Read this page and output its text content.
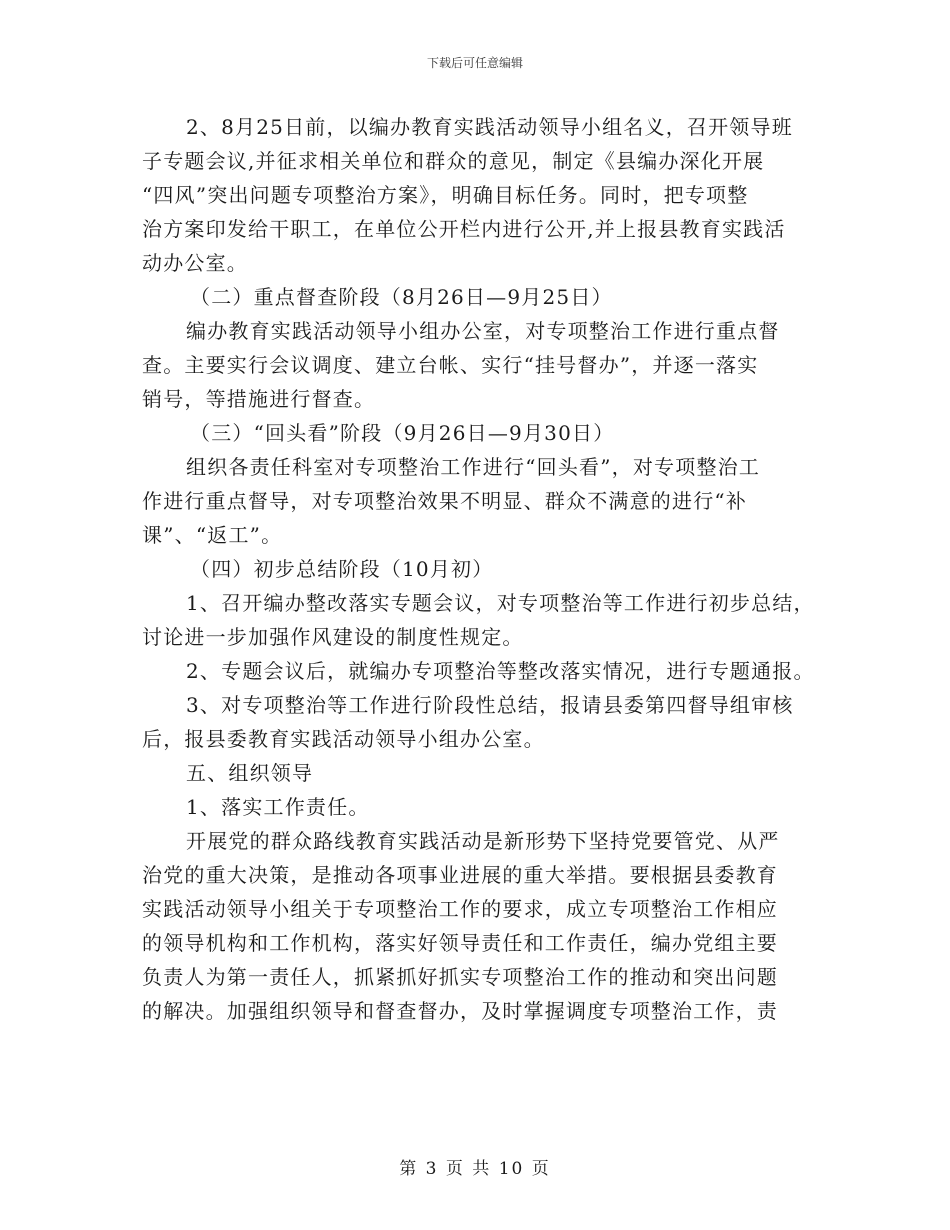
下载后可任意编辑
2、8月25日前，以编办教育实践活动领导小组名义，召开领导班
子专题会议,并征求相关单位和群众的意见，制定《县编办深化开展
“四风”突出问题专项整治方案》，明确目标任务。同时，把专项整
治方案印发给干职工，在单位公开栏内进行公开,并上报县教育实践活
动办公室。
（二）重点督查阶段（8月26日—9月25日）
编办教育实践活动领导小组办公室，对专项整治工作进行重点督
查。主要实行会议调度、建立台帐、实行“挂号督办”，并逐一落实
销号，等措施进行督查。
（三）“回头看”阶段（9月26日—9月30日）
组织各责任科室对专项整治工作进行“回头看”，对专项整治工
作进行重点督导，对专项整治效果不明显、群众不满意的进行“补
课”、“返工”。
（四）初步总结阶段（10月初）
1、召开编办整改落实专题会议，对专项整治等工作进行初步总结，
讨论进一步加强作风建设的制度性规定。
2、专题会议后，就编办专项整治等整改落实情况，进行专题通报。
3、对专项整治等工作进行阶段性总结，报请县委第四督导组审核
后，报县委教育实践活动领导小组办公室。
五、组织领导
1、落实工作责任。
开展党的群众路线教育实践活动是新形势下坚持党要管党、从严
治党的重大决策，是推动各项事业进展的重大举措。要根据县委教育
实践活动领导小组关于专项整治工作的要求，成立专项整治工作相应
的领导机构和工作机构，落实好领导责任和工作责任，编办党组主要
负责人为第一责任人，抓紧抓好抓实专项整治工作的推动和突出问题
的解决。加强组织领导和督查督办，及时掌握调度专项整治工作，责
第 3 页 共 10 页
